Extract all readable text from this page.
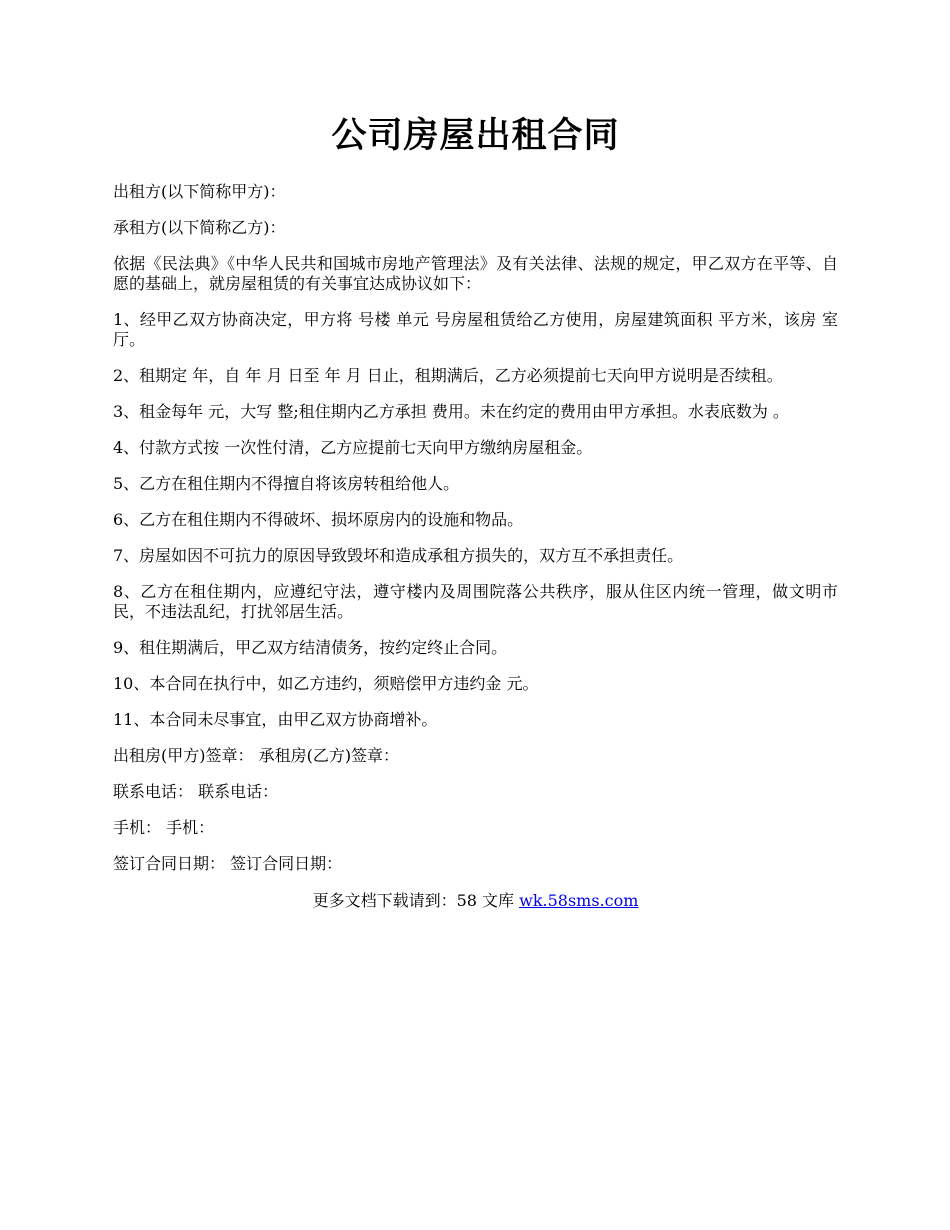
公司房屋出租合同

出租方(以下简称甲方)：

承租方(以下简称乙方)：

依据《民法典》《中华人民共和国城市房地产管理法》及有关法律、法规的规定，甲乙双方在平等、自愿的基础上，就房屋租赁的有关事宜达成协议如下：

1、经甲乙双方协商决定，甲方将 号楼 单元 号房屋租赁给乙方使用，房屋建筑面积 平方米，该房 室 厅。

2、租期定 年，自 年 月 日至 年 月 日止，租期满后，乙方必须提前七天向甲方说明是否续租。

3、租金每年 元，大写 整;租住期内乙方承担 费用。未在约定的费用由甲方承担。水表底数为 。

4、付款方式按 一次性付清，乙方应提前七天向甲方缴纳房屋租金。

5、乙方在租住期内不得擅自将该房转租给他人。

6、乙方在租住期内不得破坏、损坏原房内的设施和物品。

7、房屋如因不可抗力的原因导致毁坏和造成承租方损失的，双方互不承担责任。

8、乙方在租住期内，应遵纪守法，遵守楼内及周围院落公共秩序，服从住区内统一管理，做文明市民，不违法乱纪，打扰邻居生活。

9、租住期满后，甲乙双方结清债务，按约定终止合同。

10、本合同在执行中，如乙方违约，须赔偿甲方违约金 元。

11、本合同未尽事宜，由甲乙双方协商增补。

出租房(甲方)签章： 承租房(乙方)签章：

联系电话： 联系电话：

手机： 手机：

签订合同日期： 签订合同日期：

更多文档下载请到：58 文库 wk.58sms.com
